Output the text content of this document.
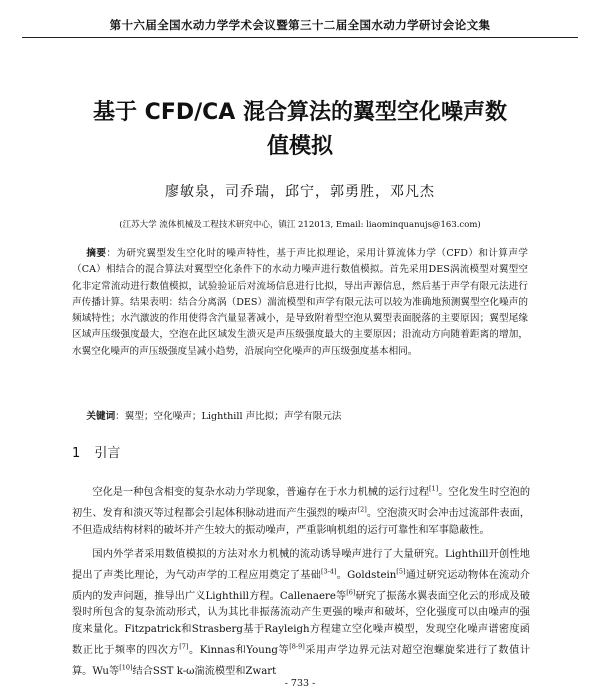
第十六届全国水动力学学术会议暨第三十二届全国水动力学研讨会论文集
基于 CFD/CA 混合算法的翼型空化噪声数
值模拟
廖敏泉，司乔瑞，邱宁，郭勇胜，邓凡杰
(江苏大学 流体机械及工程技术研究中心，镇江 212013, Email: liaominquanujs@163.com)
摘要：为研究翼型发生空化时的噪声特性，基于声比拟理论，采用计算流体力学（CFD）和计算声学（CA）相结合的混合算法对翼型空化条件下的水动力噪声进行数值模拟。首先采用DES涡流模型对翼型空化非定常流动进行数值模拟，试验验证后对流场信息进行比拟，导出声源信息，然后基于声学有限元法进行声传播计算。结果表明：结合分离涡（DES）湍流模型和声学有限元法可以较为准确地预测翼型空化噪声的频域特性；水汽激波的作用使得含汽量显著减小，是导致附着型空泡从翼型表面脱落的主要原因；翼型尾缘区域声压级强度最大，空泡在此区域发生溃灭是声压级强度最大的主要原因；沿流动方向随着距离的增加，水翼空化噪声的声压级强度呈减小趋势，沿展向空化噪声的声压级强度基本相同。
关键词：翼型；空化噪声；Lighthill 声比拟；声学有限元法
1 引言
空化是一种包含相变的复杂水动力学现象，普遍存在于水力机械的运行过程[1]。空化发生时空泡的初生、发育和溃灭等过程都会引起体积脉动进而产生强烈的噪声[2]。空泡溃灭时会冲击过流部件表面，不但造成结构材料的破坏并产生较大的振动噪声，严重影响机组的运行可靠性和军事隐蔽性。
国内外学者采用数值模拟的方法对水力机械的流动诱导噪声进行了大量研究。Lighthill开创性地提出了声类比理论，为气动声学的工程应用奠定了基础[3-4]。Goldstein[5]通过研究运动物体在流动介质内的发声问题，推导出广义Lighthill方程。Callenaere等[6]研究了振荡水翼表面空化云的形成及破裂时所包含的复杂流动形式，认为其比非振荡流动产生更强的噪声和破坏，空化强度可以由噪声的强度来量化。Fitzpatrick和Strasberg基于Rayleigh方程建立空化噪声模型，发现空化噪声谱密度函数正比于频率的四次方[7]。Kinnas和Young等[8-9]采用声学边界元法对超空泡螺旋桨进行了数值计算。Wu等[10]结合SST k-ω湍流模型和Zwart
- 733 -
